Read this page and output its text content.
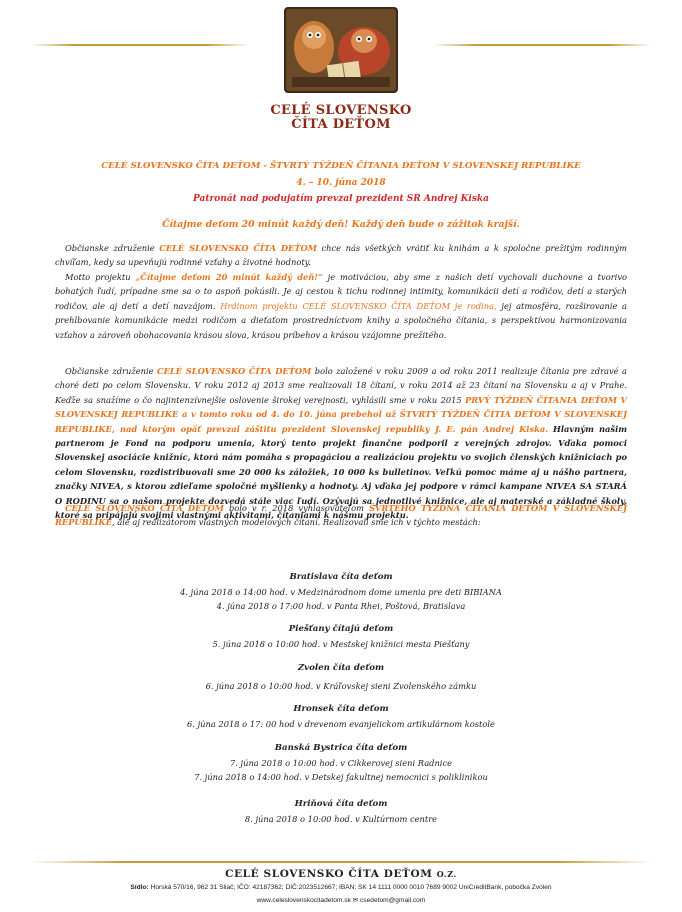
CELÉ SLOVENSKO
ČÍTA DEŤOM
CELÉ SLOVENSKO ČÍTA DEŤOM - ŠTVRTÝ TÝŽDEŇ ČÍTANIA DEŤOM V SLOVENSKEJ REPUBLIKE
4. – 10. júna 2018
Patronát nad podujatím prevzal prezident SR Andrej Kiska
Čítajme deťom 20 minút každý deň! Každý deň bude o zážitok krajší.
Občianske združenie CELÉ SLOVENSKO ČÍTA DEŤOM chce nás všetkých vrátiť ku knihám a k spoločne prežitým rodinným chvíľam, kedy sa upevňujú rodinné vzťahy a životné hodnoty.
Motto projektu „Čítajme deťom 20 minút každý deň!“ je motiváciou, aby sme z našich detí vychovali duchovne a tvorivo bohatých ľudí, prípadne sme sa o to aspoň pokúsili. Je aj cestou k tichu rodinnej intimity, komunikácii detí a rodičov, detí a starých rodičov, ale aj detí a detí navzájom. Hrdinom projektu CELÉ SLOVENSKO ČÍTA DEŤOM je rodina, jej atmosféra, rozširovanie a prehlbovanie komunikácie medzi rodičom a dieťaťom prostredníctvom knihy a spoločného čítania, s perspektívou harmonizovania vzťahov a zároveň obohacovania krásou slova, krásou príbehov a krásou vzájomne prežitého.
Občianske združenie CELÉ SLOVENSKO ČÍTA DEŤOM bolo založené v roku 2009 a od roku 2011 realizuje čítania pre zdravé a choré deti po celom Slovensku. V roku 2012 aj 2013 sme realizovali 18 čítaní, v roku 2014 až 23 čítaní na Slovensku a aj v Prahe. Keďže sa snažíme o čo najintenzívnejšie oslovenie širokej verejnosti, vyhlásili sme v roku 2015 PRVÝ TÝŽDEŇ ČÍTANIA DEŤOM V SLOVENSKEJ REPUBLIKE a v tomto roku od 4. do 10. júna prebehol už ŠTVRTÝ TÝŽDEŇ ČÍTIA DEŤOM V SLOVENSKEJ REPUBLIKE, nad ktorým opäť prevzal záštitu prezident Slovenskej republiky J. E. pán Andrej Kiska. Hlavným našim partnerom je Fond na podporu umenia, ktorý tento projekt finančne podporil z verejných zdrojov. Vďaka pomoci Slovenskej asociácie knižníc, ktorá nám pomáha s propagáciou a realizáciou projektu vo svojich členských knižniciach po celom Slovensku, rozdistribuovali sme 20 000 ks záložiek, 10 000 ks bulletinov. Veľkú pomoc máme aj u nášho partnera, značky NIVEA, s ktorou zdieľame spoločné myšlienky a hodnoty. Aj vďaka jej podpore v rámci kampane NIVEA SA STARÁ O RODINU sa o našom projekte dozvedá stále viac ľudí. Ozývajú sa jednotlivé knižnice, ale aj materské a základné školy, ktoré sa pripájajú svojimi vlastnými aktivitami, čítaniami k nášmu projektu.
CELÉ SLOVENSKO ČÍTA DEŤOM bolo v r. 2018 vyhlasovateľom ŠVRTÉHO TÝŽDŇA ČÍTANIA DEŤOM V SLOVENSKEJ REPUBLIKE, ale aj realizátorom vlastných modelových čítaní. Realizovali sme ich v týchto mestách:
Bratislava číta deťom
4. júna 2018 o 14:00 hod. v Medzinárodnom dome umenia pre deti BIBIANA
4. júna 2018 o 17:00 hod. v Panta Rhei, Poštová, Bratislava
Piešťany čítajú deťom
5. júna 2018 o 10:00 hod. v Mestskej knižnici mesta Piešťany
Zvolen číta deťom
6. júna 2018 o 10:00 hod. v Kráľovskej sieni Zvolenského zámku
Hronsek číta deťom
6. júna 2018 o 17: 00 hod v drevenom evanjelickom artikulárnom kostole
Banská Bystrica číta deťom
7. júna 2018 o 10:00 hod. v Cikkerovej sieni Radnice
7. júna 2018 o 14:00 hod. v Detskej fakultnej nemocnici s poliklinikou
Hriňová číta deťom
8. júna 2018 o 10:00 hod. v Kultúrnom centre
CELÉ SLOVENSKO ČÍTA DEŤOM O.Z.
Sídlo: Horská 570/16, 962 31 Sliač; IČO: 42187362; DIČ:2023512667; IBAN: SK 14 1111 0000 0010 7689 9002 UniCreditBank, pobočka Zvolen
www.celeslovenskocitadetom.sk ✉ csedetom@gmail.com
